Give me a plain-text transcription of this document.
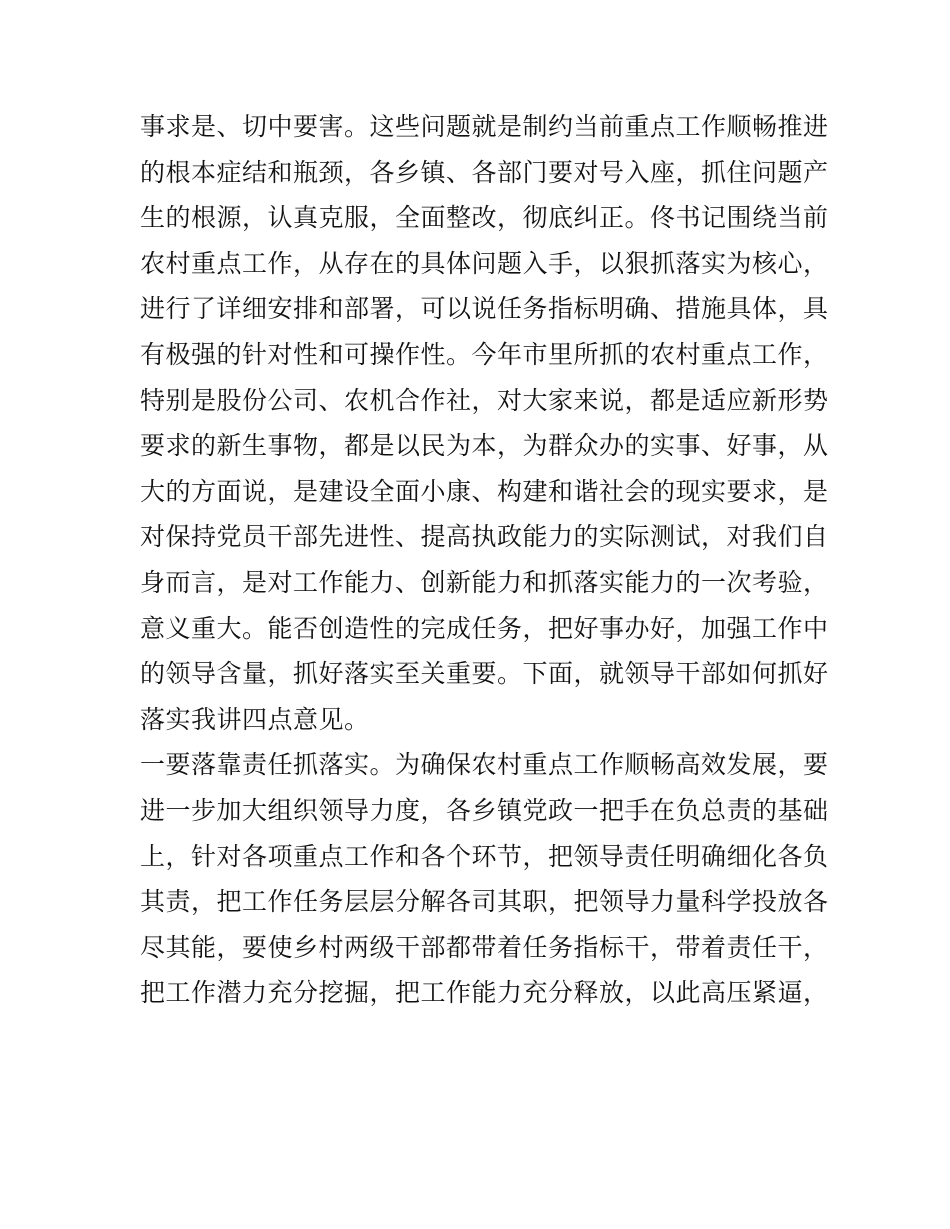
事求是、切中要害。这些问题就是制约当前重点工作顺畅推进
的根本症结和瓶颈，各乡镇、各部门要对号入座，抓住问题产
生的根源，认真克服，全面整改，彻底纠正。佟书记围绕当前
农村重点工作，从存在的具体问题入手，以狠抓落实为核心，
进行了详细安排和部署，可以说任务指标明确、措施具体，具
有极强的针对性和可操作性。今年市里所抓的农村重点工作，
特别是股份公司、农机合作社，对大家来说，都是适应新形势
要求的新生事物，都是以民为本，为群众办的实事、好事，从
大的方面说，是建设全面小康、构建和谐社会的现实要求，是
对保持党员干部先进性、提高执政能力的实际测试，对我们自
身而言，是对工作能力、创新能力和抓落实能力的一次考验，
意义重大。能否创造性的完成任务，把好事办好，加强工作中
的领导含量，抓好落实至关重要。下面，就领导干部如何抓好
落实我讲四点意见。
一要落靠责任抓落实。为确保农村重点工作顺畅高效发展，要
进一步加大组织领导力度，各乡镇党政一把手在负总责的基础
上，针对各项重点工作和各个环节，把领导责任明确细化各负
其责，把工作任务层层分解各司其职，把领导力量科学投放各
尽其能，要使乡村两级干部都带着任务指标干，带着责任干，
把工作潜力充分挖掘，把工作能力充分释放，以此高压紧逼，
